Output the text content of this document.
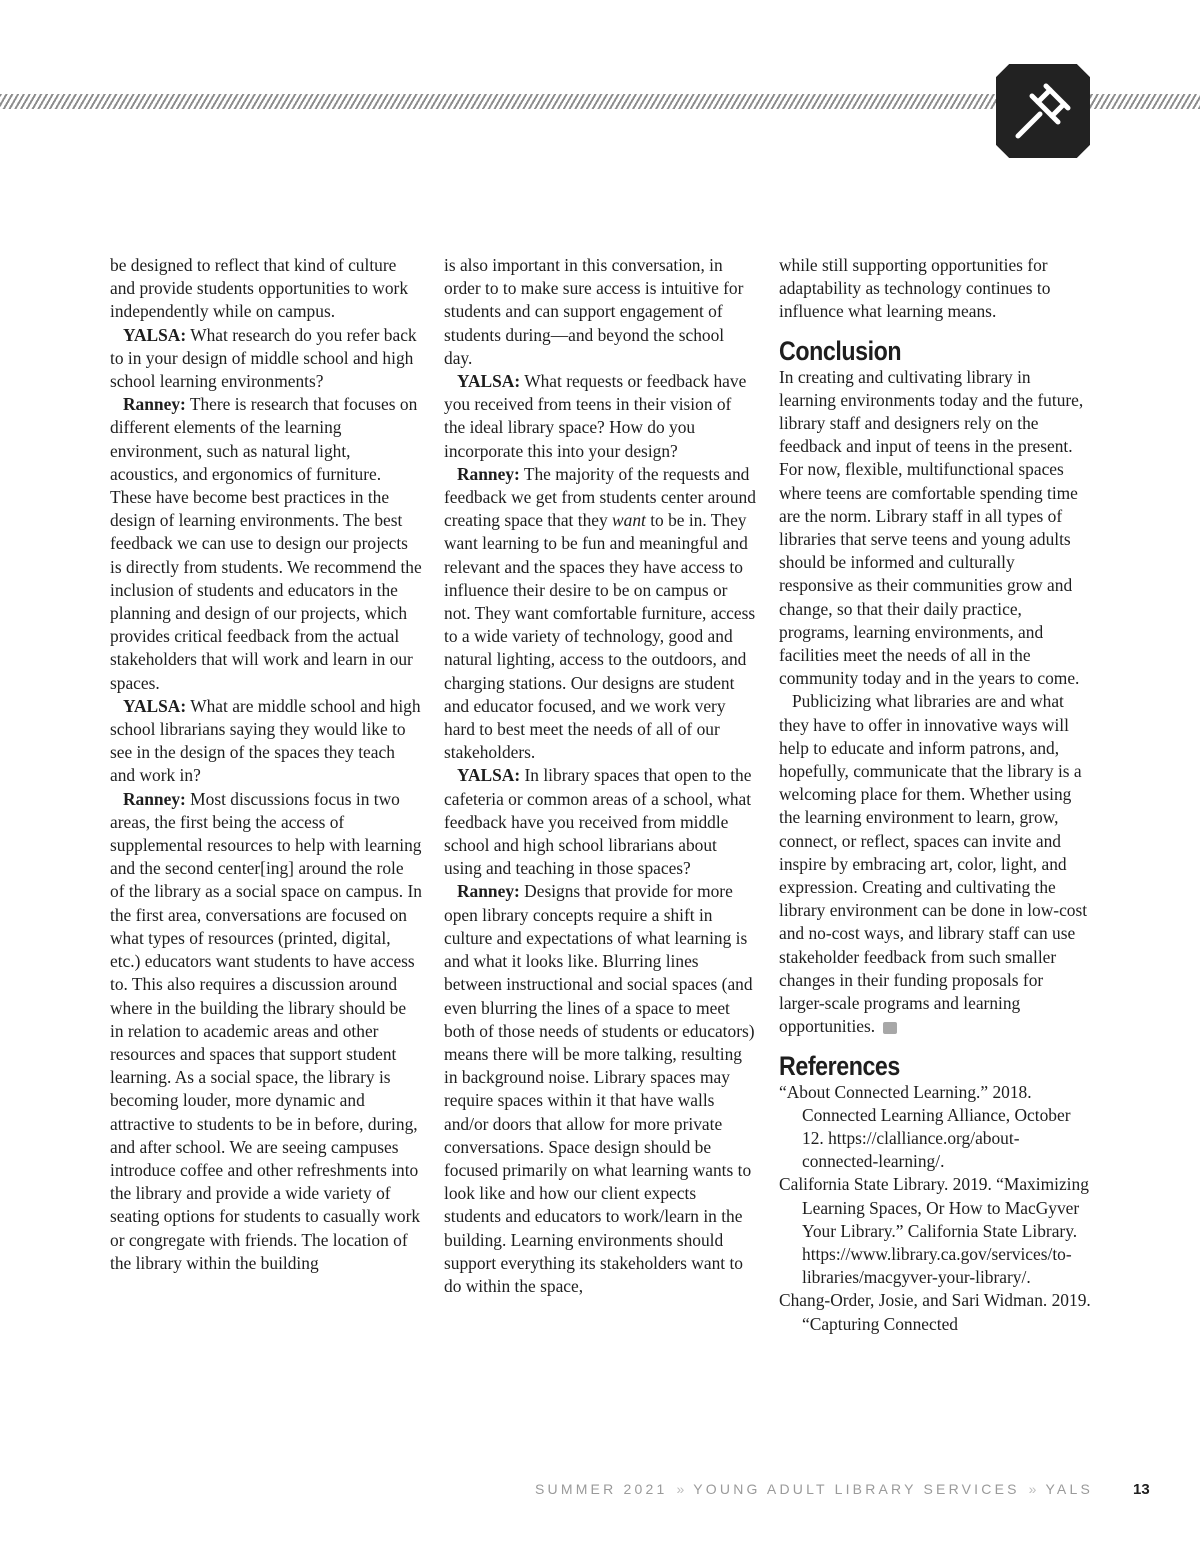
be designed to reflect that kind of culture and provide students opportunities to work independently while on campus.

YALSA: What research do you refer back to in your design of middle school and high school learning environments?

Ranney: There is research that focuses on different elements of the learning environment, such as natural light, acoustics, and ergonomics of furniture. These have become best practices in the design of learning environments. The best feedback we can use to design our projects is directly from students. We recommend the inclusion of students and educators in the planning and design of our projects, which provides critical feedback from the actual stakeholders that will work and learn in our spaces.

YALSA: What are middle school and high school librarians saying they would like to see in the design of the spaces they teach and work in?

Ranney: Most discussions focus in two areas, the first being the access of supplemental resources to help with learning and the second center[ing] around the role of the library as a social space on campus. In the first area, conversations are focused on what types of resources (printed, digital, etc.) educators want students to have access to. This also requires a discussion around where in the building the library should be in relation to academic areas and other resources and spaces that support student learning. As a social space, the library is becoming louder, more dynamic and attractive to students to be in before, during, and after school. We are seeing campuses introduce coffee and other refreshments into the library and provide a wide variety of seating options for students to casually work or congregate with friends. The location of the library within the building

is also important in this conversation, in order to to make sure access is intuitive for students and can support engagement of students during—and beyond the school day.

YALSA: What requests or feedback have you received from teens in their vision of the ideal library space? How do you incorporate this into your design?

Ranney: The majority of the requests and feedback we get from students center around creating space that they want to be in. They want learning to be fun and meaningful and relevant and the spaces they have access to influence their desire to be on campus or not. They want comfortable furniture, access to a wide variety of technology, good and natural lighting, access to the outdoors, and charging stations. Our designs are student and educator focused, and we work very hard to best meet the needs of all of our stakeholders.

YALSA: In library spaces that open to the cafeteria or common areas of a school, what feedback have you received from middle school and high school librarians about using and teaching in those spaces?

Ranney: Designs that provide for more open library concepts require a shift in culture and expectations of what learning is and what it looks like. Blurring lines between instructional and social spaces (and even blurring the lines of a space to meet both of those needs of students or educators) means there will be more talking, resulting in background noise. Library spaces may require spaces within it that have walls and/or doors that allow for more private conversations. Space design should be focused primarily on what learning wants to look like and how our client expects students and educators to work/learn in the building. Learning environments should support everything its stakeholders want to do within the space,

while still supporting opportunities for adaptability as technology continues to influence what learning means.

Conclusion

In creating and cultivating library in learning environments today and the future, library staff and designers rely on the feedback and input of teens in the present. For now, flexible, multifunctional spaces where teens are comfortable spending time are the norm. Library staff in all types of libraries that serve teens and young adults should be informed and culturally responsive as their communities grow and change, so that their daily practice, programs, learning environments, and facilities meet the needs of all in the community today and in the years to come.

Publicizing what libraries are and what they have to offer in innovative ways will help to educate and inform patrons, and, hopefully, communicate that the library is a welcoming place for them. Whether using the learning environment to learn, grow, connect, or reflect, spaces can invite and inspire by embracing art, color, light, and expression. Creating and cultivating the library environment can be done in low-cost and no-cost ways, and library staff can use stakeholder feedback from such smaller changes in their funding proposals for larger-scale programs and learning opportunities.

References

“About Connected Learning.” 2018. Connected Learning Alliance, October 12. https://clalliance.org/about-connected-learning/.

California State Library. 2019. “Maximizing Learning Spaces, Or How to MacGyver Your Library.” California State Library. https://www.library.ca.gov/services/to-libraries/macgyver-your-library/.

Chang-Order, Josie, and Sari Widman. 2019. “Capturing Connected

SUMMER 2021 » YOUNG ADULT LIBRARY SERVICES » YALS	13
